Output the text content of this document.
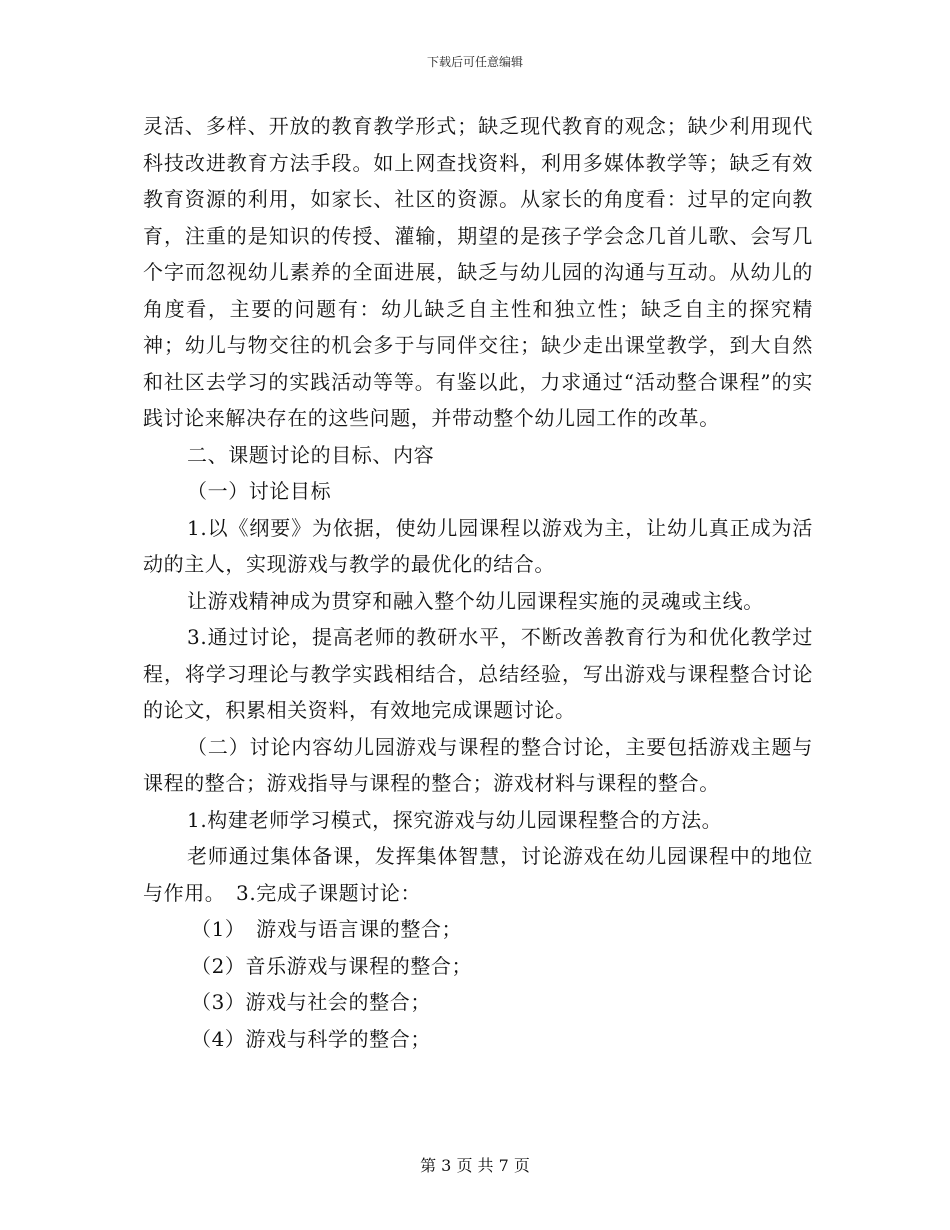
下载后可任意编辑

灵活、多样、开放的教育教学形式；缺乏现代教育的观念；缺少利用现代科技改进教育方法手段。如上网查找资料，利用多媒体教学等；缺乏有效教育资源的利用，如家长、社区的资源。从家长的角度看：过早的定向教育，注重的是知识的传授、灌输，期望的是孩子学会念几首儿歌、会写几个字而忽视幼儿素养的全面进展，缺乏与幼儿园的沟通与互动。从幼儿的角度看，主要的问题有：幼儿缺乏自主性和独立性；缺乏自主的探究精神；幼儿与物交往的机会多于与同伴交往；缺少走出课堂教学，到大自然和社区去学习的实践活动等等。有鉴以此，力求通过“活动整合课程”的实践讨论来解决存在的这些问题，并带动整个幼儿园工作的改革。

二、课题讨论的目标、内容

（一）讨论目标

1.以《纲要》为依据，使幼儿园课程以游戏为主，让幼儿真正成为活动的主人，实现游戏与教学的最优化的结合。

让游戏精神成为贯穿和融入整个幼儿园课程实施的灵魂或主线。

3.通过讨论，提高老师的教研水平，不断改善教育行为和优化教学过程，将学习理论与教学实践相结合，总结经验，写出游戏与课程整合讨论的论文，积累相关资料，有效地完成课题讨论。

（二）讨论内容幼儿园游戏与课程的整合讨论，主要包括游戏主题与课程的整合；游戏指导与课程的整合；游戏材料与课程的整合。

1.构建老师学习模式，探究游戏与幼儿园课程整合的方法。

老师通过集体备课，发挥集体智慧，讨论游戏在幼儿园课程中的地位与作用。　3.完成子课题讨论：

（1）　游戏与语言课的整合；

（2）音乐游戏与课程的整合；

（3）游戏与社会的整合；

（4）游戏与科学的整合；

第 3 页 共 7 页
